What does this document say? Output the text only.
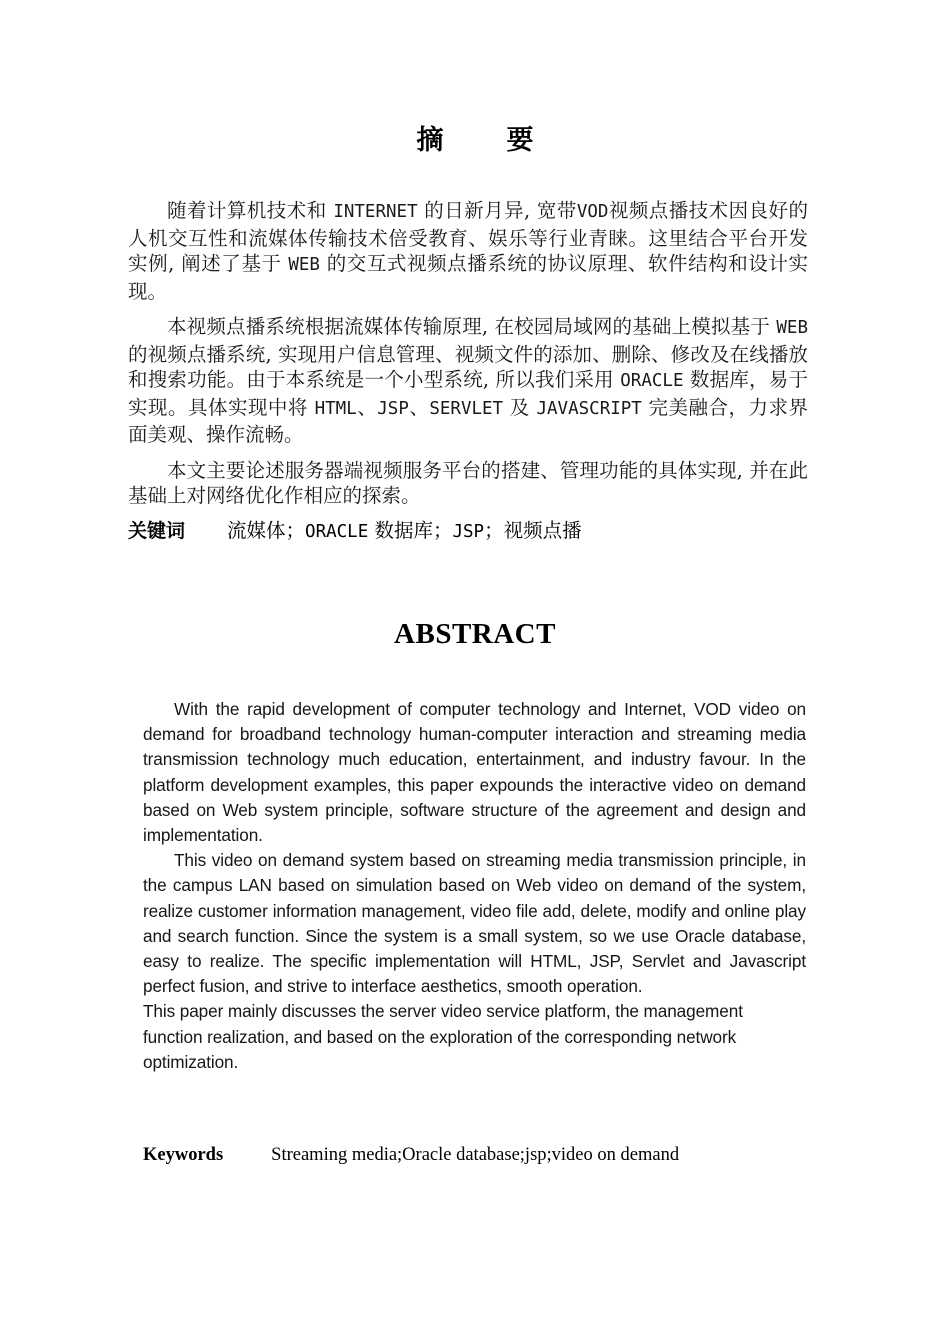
摘　要

随着计算机技术和 INTERNET 的日新月异, 宽带VOD视频点播技术因良好的人机交互性和流媒体传输技术倍受教育、娱乐等行业青睐。这里结合平台开发实例, 阐述了基于 WEB 的交互式视频点播系统的协议原理、软件结构和设计实现。

本视频点播系统根据流媒体传输原理, 在校园局域网的基础上模拟基于 WEB 的视频点播系统, 实现用户信息管理、视频文件的添加、删除、修改及在线播放和搜索功能。由于本系统是一个小型系统, 所以我们采用 ORACLE 数据库，易于实现。具体实现中将 HTML、JSP、SERVLET 及 JAVASCRIPT 完美融合，力求界面美观、操作流畅。

本文主要论述服务器端视频服务平台的搭建、管理功能的具体实现, 并在此基础上对网络优化作相应的探索。

关键词 流媒体；ORACLE 数据库；JSP；视频点播
ABSTRACT

With the rapid development of computer technology and Internet, VOD video on demand for broadband technology human-computer interaction and streaming media transmission technology much education, entertainment, and industry favour. In the platform development examples, this paper expounds the interactive video on demand based on Web system principle, software structure of the agreement and design and implementation.

This video on demand system based on streaming media transmission principle, in the campus LAN based on simulation based on Web video on demand of the system, realize customer information management, video file add, delete, modify and online play and search function. Since the system is a small system, so we use Oracle database, easy to realize. The specific implementation will HTML, JSP, Servlet and Javascript perfect fusion, and strive to interface aesthetics, smooth operation.

This paper mainly discusses the server video service platform, the management function realization, and based on the exploration of the corresponding network optimization.

Keywords	Streaming media;Oracle database;jsp;video on demand
